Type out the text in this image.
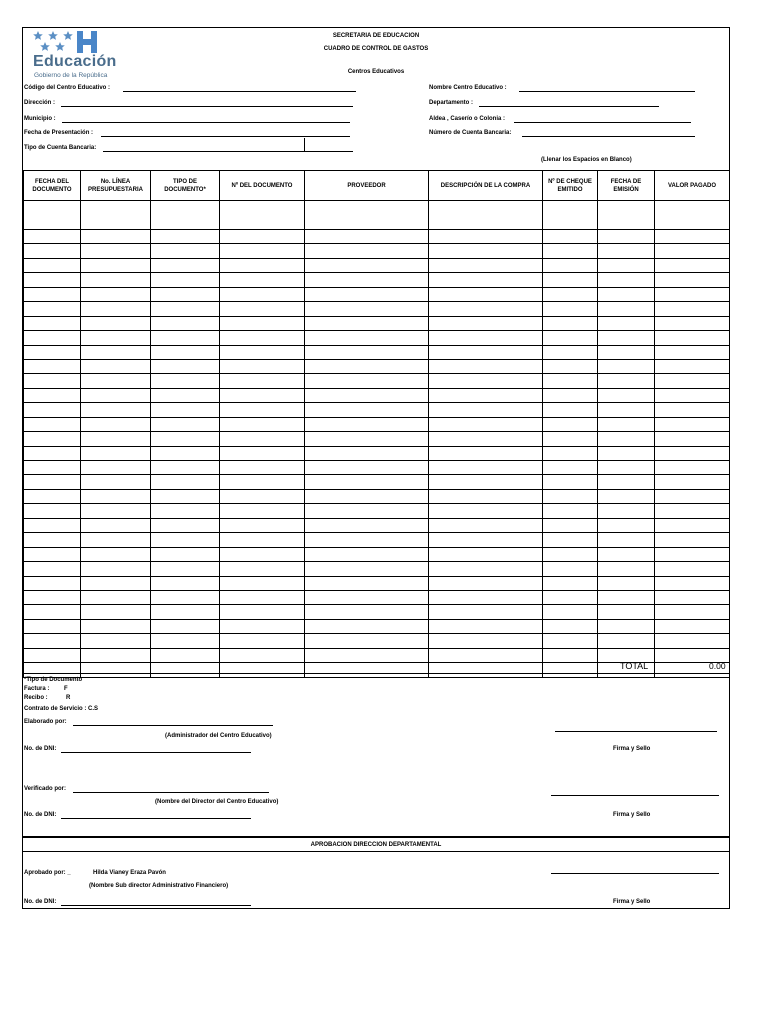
Educación
Gobierno de la República
SECRETARIA DE EDUCACION
CUADRO DE CONTROL DE GASTOS
Centros Educativos
Código del Centro Educativo :
Dirección :
Municipio :
Fecha de Presentación :
Tipo de Cuenta Bancaria:
Nombre Centro Educativo :
Departamento :
Aldea , Caserío o Colonia :
Número de Cuenta Bancaria:
(Llenar los Espacios en Blanco)
FECHA DEL DOCUMENTO	No. LÍNEA PRESUPUESTARIA	TIPO DE DOCUMENTO*	Nº DEL DOCUMENTO	PROVEEDOR	DESCRIPCIÓN DE LA COMPRA	Nº DE CHEQUE EMITIDO	FECHA DE EMISIÓN	VALOR PAGADO

TOTAL	0.00
*Tipo de Documento
Factura : F
Recibo :	R
Contrato de Servicio : C.S
Elaborado por:
(Administrador del Centro Educativo)
No. de DNI:	Firma y Sello
Verificado por:
(Nombre del Director del Centro Educativo)
No. de DNI:	Firma y Sello
APROBACION DIRECCION DEPARTAMENTAL
Aprobado por: _	Hilda Vianey Eraza Pavón
(Nombre Sub director Administrativo Financiero)
No. de DNI:	Firma y Sello
